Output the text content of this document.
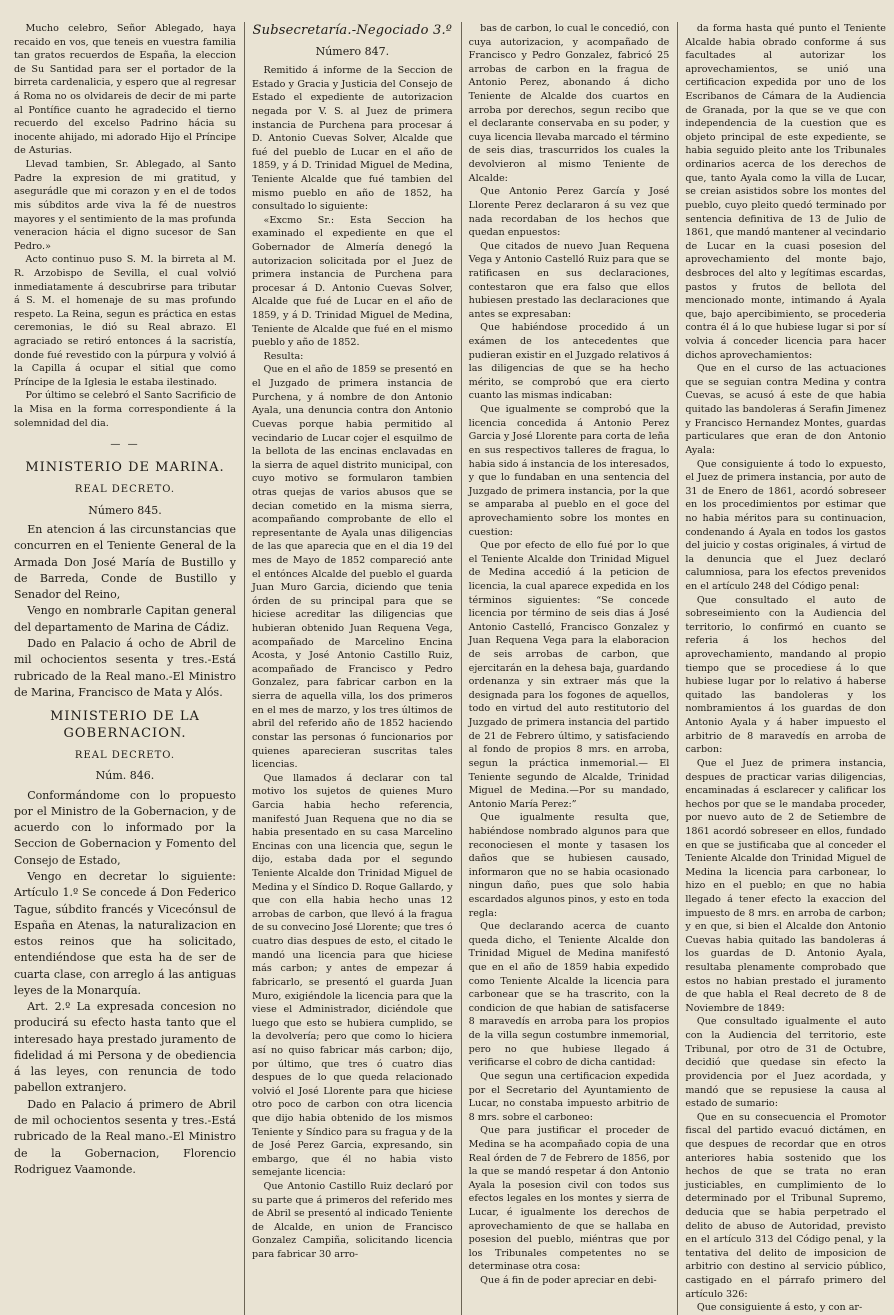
Mucho celebro, Señor Ablegado, haya recaido en vos, que teneis en vuestra familia tan gratos recuerdos de España, la eleccion de Su Santidad para ser el portador de la birreta cardenalicia, y espero que al regresar á Roma no os olvidareis de decir de mi parte al Pontífice cuanto he agradecido el tierno recuerdo del excelso Padrino hácia su inocente ahijado, mi adorado Hijo el Príncipe de Asturias.

Llevad tambien, Sr. Ablegado, al Santo Padre la expresion de mi gratitud, y asegurádle que mi corazon y en el de todos mis súbditos arde viva la fé de nuestros mayores y el sentimiento de la mas profunda veneracion hácia el digno sucesor de San Pedro.»

Acto continuo puso S. M. la birreta al M. R. Arzobispo de Sevilla, el cual volvió inmediatamente á descubrirse para tributar á S. M. el homenaje de su mas profundo respeto. La Reina, segun es práctica en estas ceremonias, le dió su Real abrazo. El agraciado se retiró entonces á la sacristía, donde fué revestido con la púrpura y volvió á la Capilla á ocupar el sitial que como Príncipe de la Iglesia le estaba ilestinado.

Por último se celebró el Santo Sacrificio de la Misa en la forma correspondiente á la solemnidad del dia.

— —
MINISTERIO DE MARINA.
REAL DECRETO.
Número 845.

En atencion á las circunstancias que concurren en el Teniente General de la Armada Don José María de Bustillo y de Barreda, Conde de Bustillo y Senador del Reino,

Vengo en nombrarle Capitan general del departamento de Marina de Cádiz.

Dado en Palacio á ocho de Abril de mil ochocientos sesenta y tres.-Está rubricado de la Real mano.-El Ministro de Marina, Francisco de Mata y Alós.

MINISTERIO DE LA GOBERNACION.
REAL DECRETO.
Núm. 846.

Conformándome con lo propuesto por el Ministro de la Gobernacion, y de acuerdo con lo informado por la Seccion de Gobernacion y Fomento del Consejo de Estado,

Vengo en decretar lo siguiente: Artículo 1.º Se concede á Don Federico Tague, súbdito francés y Vicecónsul de España en Atenas, la naturalizacion en estos reinos que ha solicitado, entendiéndose que esta ha de ser de cuarta clase, con arreglo á las antiguas leyes de la Monarquía.

Art. 2.º La expresada concesion no producirá su efecto hasta tanto que el interesado haya prestado juramento de fidelidad á mi Persona y de obediencia á las leyes, con renuncia de todo pabellon extranjero.

Dado en Palacio á primero de Abril de mil ochocientos sesenta y tres.-Está rubricado de la Real mano.-El Ministro de la Gobernacion, Florencio Rodriguez Vaamonde.

Subsecretaría.-Negociado 3.º
Número 847.

Remitido á informe de la Seccion de Estado y Gracia y Justicia del Consejo de Estado el expediente de autorizacion negada por V. S. al Juez de primera instancia de Purchena para procesar á D. Antonio Cuevas Solver, Alcalde que fué del pueblo de Lucar en el año de 1859, y á D. Trinidad Miguel de Medina, Teniente Alcalde que fué tambien del mismo pueblo en año de 1852, ha consultado lo siguiente:

«Excmo Sr.: Esta Seccion ha examinado el expediente en que el Gobernador de Almería denegó la autorizacion solicitada por el Juez de primera instancia de Purchena para procesar á D. Antonio Cuevas Solver, Alcalde que fué de Lucar en el año de 1859, y á D. Trinidad Miguel de Medina, Teniente de Alcalde que fué en el mismo pueblo y año de 1852.

Resulta:

Que en el año de 1859 se presentó en el Juzgado de primera instancia de Purchena, y á nombre de don Antonio Ayala, una denuncia contra don Antonio Cuevas porque habia permitido al vecindario de Lucar cojer el esquilmo de la bellota de las encinas enclavadas en la sierra de aquel distrito municipal, con cuyo motivo se formularon tambien otras quejas de varios abusos que se decian cometido en la misma sierra, acompañando comprobante de ello el representante de Ayala unas diligencias de las que aparecia que en el dia 19 del mes de Mayo de 1852 compareció ante el entónces Alcalde del pueblo el guarda Juan Muro Garcia, diciendo que tenia órden de su principal para que se hiciese acreditar las diligencias que hubieran obtenido Juan Requena Vega, acompañado de Marcelino Encina Acosta, y José Antonio Castillo Ruiz, acompañado de Francisco y Pedro Gonzalez, para fabricar carbon en la sierra de aquella villa, los dos primeros en el mes de marzo, y los tres últimos de abril del referido año de 1852 haciendo constar las personas ó funcionarios por quienes aparecieran suscritas tales licencias.

Que llamados á declarar con tal motivo los sujetos de quienes Muro Garcia habia hecho referencia, manifestó Juan Requena que no dia se habia presentado en su casa Marcelino Encinas con una licencia que, segun le dijo, estaba dada por el segundo Teniente Alcalde don Trinidad Miguel de Medina y el Síndico D. Roque Gallardo, y que con ella habia hecho unas 12 arrobas de carbon, que llevó á la fragua de su convecino José Llorente; que tres ó cuatro dias despues de esto, el citado le mandó una licencia para que hiciese más carbon; y antes de empezar á fabricarlo, se presentó el guarda Juan Muro, exigiéndole la licencia para que la viese el Administrador, diciéndole que luego que esto se hubiera cumplido, se la devolvería; pero que como lo hiciera así no quiso fabricar más carbon; dijo, por último, que tres ó cuatro dias despues de lo que queda relacionado volvió el José Llorente para que hiciese otro poco de carbon con otra licencia que dijo habia obtenido de los mismos Teniente y Síndico para su fragua y de la de José Perez Garcia, expresando, sin embargo, que él no habia visto semejante licencia:

Que Antonio Castillo Ruiz declaró por su parte que á primeros del referido mes de Abril se presentó al indicado Teniente de Alcalde, en union de Francisco Gonzalez Campiña, solicitando licencia para fabricar 30 arro-

bas de carbon, lo cual le concedió, con cuya autorizacion, y acompañado de Francisco y Pedro Gonzalez, fabricó 25 arrobas de carbon en la fragua de Antonio Perez, abonando á dicho Teniente de Alcalde dos cuartos en arroba por derechos, segun recibo que el declarante conservaba en su poder, y cuya licencia llevaba marcado el término de seis dias, trascurridos los cuales la devolvieron al mismo Teniente de Alcalde:

Que Antonio Perez García y José Llorente Perez declararon á su vez que nada recordaban de los hechos que quedan enpuestos:

Que citados de nuevo Juan Requena Vega y Antonio Castelló Ruiz para que se ratificasen en sus declaraciones, contestaron que era falso que ellos hubiesen prestado las declaraciones que antes se expresaban:

Que habiéndose procedido á un exámen de los antecedentes que pudieran existir en el Juzgado relativos á las diligencias de que se ha hecho mérito, se comprobó que era cierto cuanto las mismas indicaban:

Que igualmente se comprobó que la licencia concedida á Antonio Perez Garcia y José Llorente para corta de leña en sus respectivos talleres de fragua, lo habia sido á instancia de los interesados, y que lo fundaban en una sentencia del Juzgado de primera instancia, por la que se amparaba al pueblo en el goce del aprovechamiento sobre los montes en cuestion:

Que por efecto de ello fué por lo que el Teniente Alcalde don Trinidad Miguel de Medina accedió á la peticion de licencia, la cual aparece expedida en los términos siguientes: “Se concede licencia por término de seis dias á José Antonio Castelló, Francisco Gonzalez y Juan Requena Vega para la elaboracion de seis arrobas de carbon, que ejercitarán en la dehesa baja, guardando ordenanza y sin extraer más que la designada para los fogones de aquellos, todo en virtud del auto restitutorio del Juzgado de primera instancia del partido de 21 de Febrero último, y satisfaciendo al fondo de propios 8 mrs. en arroba, segun la práctica inmemorial.— El Teniente segundo de Alcalde, Trinidad Miguel de Medina.—Por su mandado, Antonio María Perez:”

Que igualmente resulta que, habiéndose nombrado algunos para que reconociesen el monte y tasasen los daños que se hubiesen causado, informaron que no se habia ocasionado ningun daño, pues que solo habia escardados algunos pinos, y esto en toda regla:

Que declarando acerca de cuanto queda dicho, el Teniente Alcalde don Trinidad Miguel de Medina manifestó que en el año de 1859 habia expedido como Teniente Alcalde la licencia para carbonear que se ha trascrito, con la condicion de que habian de satisfacerse 8 maravedís en arroba para los propios de la villa segun costumbre inmemorial, pero no que hubiese llegado á verificarse el cobro de dicha cantidad:

Que segun una certificacion expedida por el Secretario del Ayuntamiento de Lucar, no constaba impuesto arbitrio de 8 mrs. sobre el carboneo:

Que para justificar el proceder de Medina se ha acompañado copia de una Real órden de 7 de Febrero de 1856, por la que se mandó respetar á don Antonio Ayala la posesion civil con todos sus efectos legales en los montes y sierra de Lucar, é igualmente los derechos de aprovechamiento de que se hallaba en posesion del pueblo, miéntras que por los Tribunales competentes no se determinase otra cosa:

Que á fin de poder apreciar en debi-

da forma hasta qué punto el Teniente Alcalde habia obrado conforme á sus facultades al autorizar los aprovechamientos, se unió una certificacion expedida por uno de los Escribanos de Cámara de la Audiencia de Granada, por la que se ve que con independencia de la cuestion que es objeto principal de este expediente, se habia seguido pleito ante los Tribunales ordinarios acerca de los derechos de que, tanto Ayala como la villa de Lucar, se creian asistidos sobre los montes del pueblo, cuyo pleito quedó terminado por sentencia definitiva de 13 de Julio de 1861, que mandó mantener al vecindario de Lucar en la cuasi posesion del aprovechamiento del monte bajo, desbroces del alto y legítimas escardas, pastos y frutos de bellota del mencionado monte, intimando á Ayala que, bajo apercibimiento, se procederia contra él á lo que hubiese lugar si por sí volvia á conceder licencia para hacer dichos aprovechamientos:

Que en el curso de las actuaciones que se seguian contra Medina y contra Cuevas, se acusó á este de que habia quitado las bandoleras á Serafin Jimenez y Francisco Hernandez Montes, guardas particulares que eran de don Antonio Ayala:

Que consiguiente á todo lo expuesto, el Juez de primera instancia, por auto de 31 de Enero de 1861, acordó sobreseer en los procedimientos por estimar que no habia méritos para su continuacion, condenando á Ayala en todos los gastos del juicio y costas originales, á virtud de la denuncia que el Juez declaró calumniosa, para los efectos prevenidos en el artículo 248 del Código penal:

Que consultado el auto de sobreseimiento con la Audiencia del territorio, lo confirmó en cuanto se referia á los hechos del aprovechamiento, mandando al propio tiempo que se procediese á lo que hubiese lugar por lo relativo á haberse quitado las bandoleras y los nombramientos á los guardas de don Antonio Ayala y á haber impuesto el arbitrio de 8 maravedís en arroba de carbon:

Que el Juez de primera instancia, despues de practicar varias diligencias, encaminadas á esclarecer y calificar los hechos por que se le mandaba proceder, por nuevo auto de 2 de Setiembre de 1861 acordó sobreseer en ellos, fundado en que se justificaba que al conceder el Teniente Alcalde don Trinidad Miguel de Medina la licencia para carbonear, lo hizo en el pueblo; en que no habia llegado á tener efecto la exaccion del impuesto de 8 mrs. en arroba de carbon; y en que, si bien el Alcalde don Antonio Cuevas habia quitado las bandoleras á los guardas de D. Antonio Ayala, resultaba plenamente comprobado que estos no habian prestado el juramento de que habla el Real decreto de 8 de Noviembre de 1849:

Que consultado igualmente el auto con la Audiencia del territorio, este Tribunal, por otro de 31 de Octubre, decidió que quedase sin efecto la providencia por el Juez acordada, y mandó que se repusiese la causa al estado de sumario:

Que en su consecuencia el Promotor fiscal del partido evacuó dictámen, en que despues de recordar que en otros anteriores habia sostenido que los hechos de que se trata no eran justiciables, en cumplimiento de lo determinado por el Tribunal Supremo, deducia que se habia perpetrado el delito de abuso de Autoridad, previsto en el artículo 313 del Código penal, y la tentativa del delito de imposicion de arbitrio con destino al servicio público, castigado en el párrafo primero del artículo 326:

Que consiguiente á esto, y con ar-
